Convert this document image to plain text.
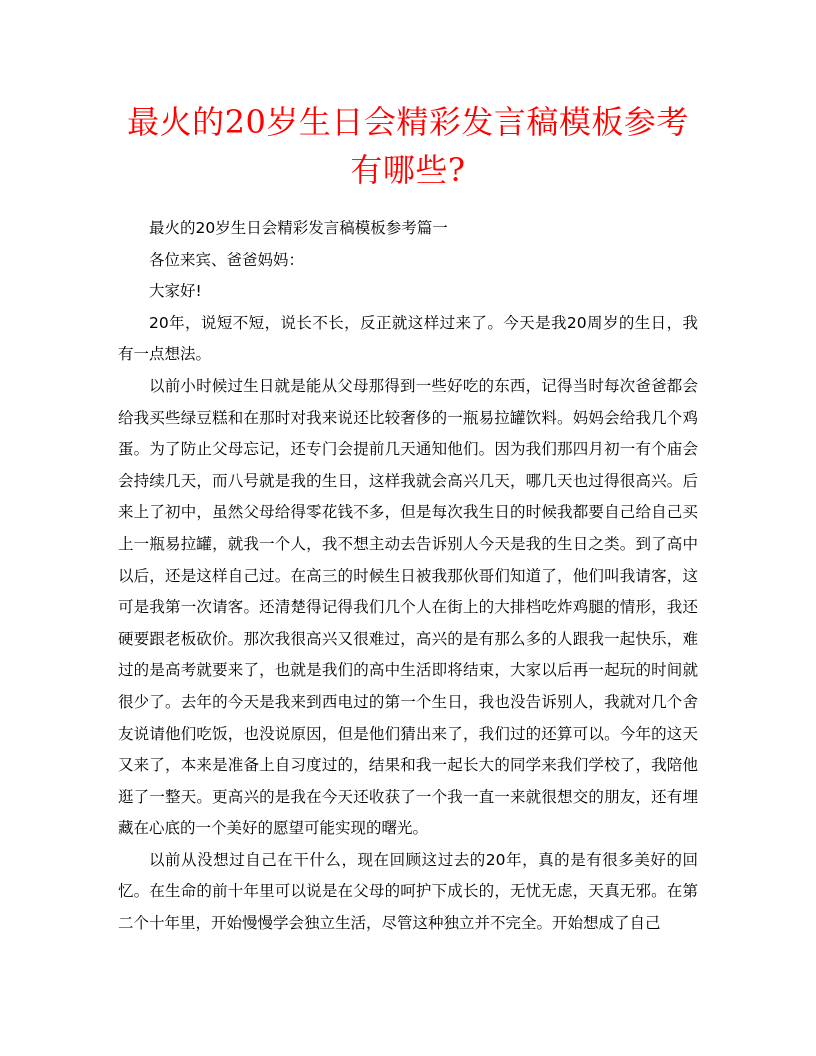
最火的20岁生日会精彩发言稿模板参考有哪些?

最火的20岁生日会精彩发言稿模板参考篇一

各位来宾、爸爸妈妈：

大家好!

20年，说短不短，说长不长，反正就这样过来了。今天是我20周岁的生日，我有一点想法。

以前小时候过生日就是能从父母那得到一些好吃的东西，记得当时每次爸爸都会给我买些绿豆糕和在那时对我来说还比较奢侈的一瓶易拉罐饮料。妈妈会给我几个鸡蛋。为了防止父母忘记，还专门会提前几天通知他们。因为我们那四月初一有个庙会会持续几天，而八号就是我的生日，这样我就会高兴几天，哪几天也过得很高兴。后来上了初中，虽然父母给得零花钱不多，但是每次我生日的时候我都要自己给自己买上一瓶易拉罐，就我一个人，我不想主动去告诉别人今天是我的生日之类。到了高中以后，还是这样自己过。在高三的时候生日被我那伙哥们知道了，他们叫我请客，这可是我第一次请客。还清楚得记得我们几个人在街上的大排档吃炸鸡腿的情形，我还硬要跟老板砍价。那次我很高兴又很难过，高兴的是有那么多的人跟我一起快乐，难过的是高考就要来了，也就是我们的高中生活即将结束，大家以后再一起玩的时间就很少了。去年的今天是我来到西电过的第一个生日，我也没告诉别人，我就对几个舍友说请他们吃饭，也没说原因，但是他们猜出来了，我们过的还算可以。今年的这天又来了，本来是准备上自习度过的，结果和我一起长大的同学来我们学校了，我陪他逛了一整天。更高兴的是我在今天还收获了一个我一直一来就很想交的朋友，还有埋藏在心底的一个美好的愿望可能实现的曙光。

以前从没想过自己在干什么，现在回顾这过去的20年，真的是有很多美好的回忆。在生命的前十年里可以说是在父母的呵护下成长的，无忧无虑，天真无邪。在第二个十年里，开始慢慢学会独立生活，尽管这种独立并不完全。开始想成了自己
